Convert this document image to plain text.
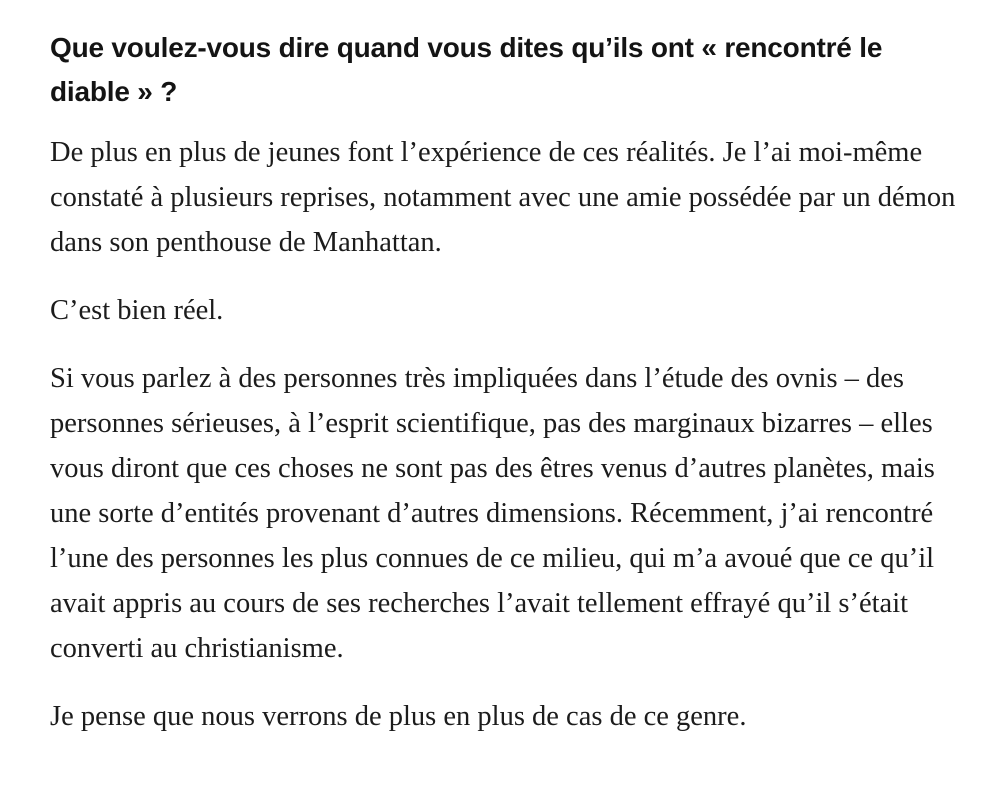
Que voulez-vous dire quand vous dites qu’ils ont « rencontré le diable » ?

De plus en plus de jeunes font l’expérience de ces réalités. Je l’ai moi-même constaté à plusieurs reprises, notamment avec une amie possédée par un démon dans son penthouse de Manhattan.

C’est bien réel.

Si vous parlez à des personnes très impliquées dans l’étude des ovnis – des personnes sérieuses, à l’esprit scientifique, pas des marginaux bizarres – elles vous diront que ces choses ne sont pas des êtres venus d’autres planètes, mais une sorte d’entités provenant d’autres dimensions. Récemment, j’ai rencontré l’une des personnes les plus connues de ce milieu, qui m’a avoué que ce qu’il avait appris au cours de ses recherches l’avait tellement effrayé qu’il s’était converti au christianisme.

Je pense que nous verrons de plus en plus de cas de ce genre.
